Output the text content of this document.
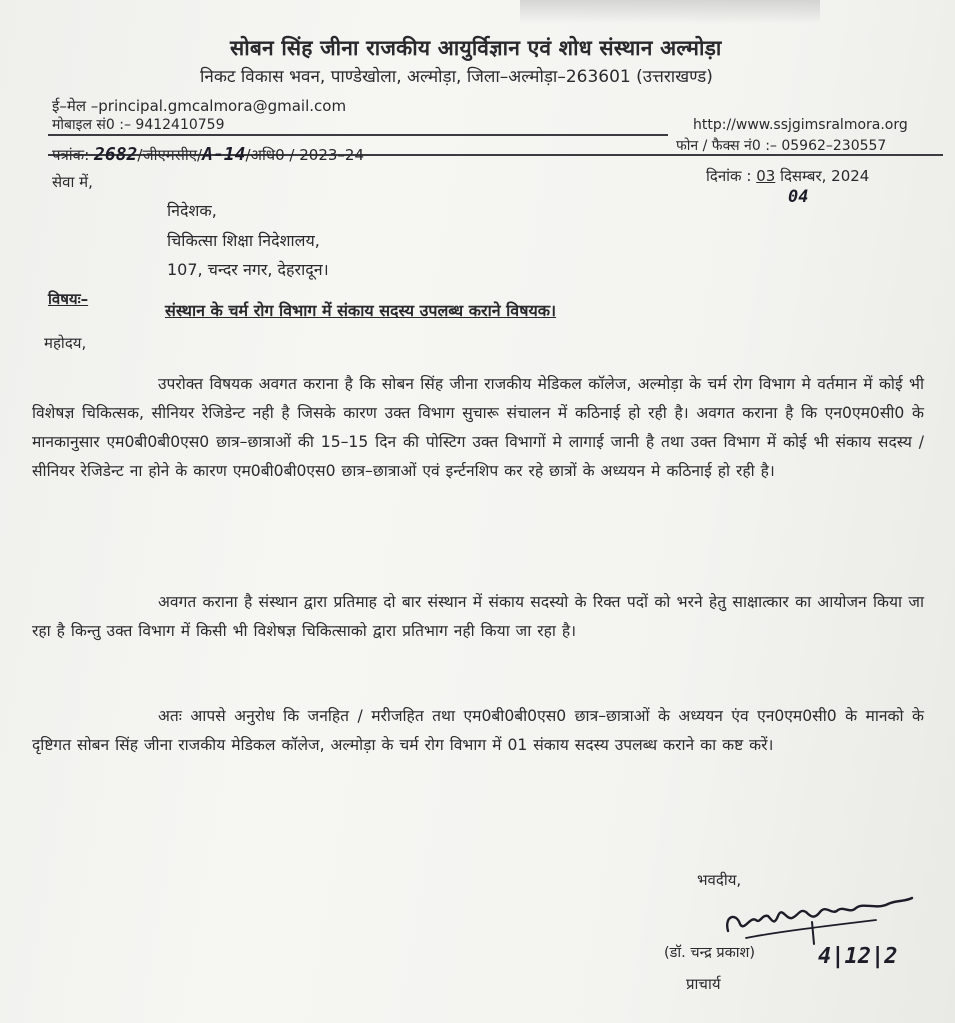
सोबन सिंह जीना राजकीय आयुर्विज्ञान एवं शोध संस्थान अल्मोड़ा
निकट विकास भवन, पाण्डेखोला, अल्मोड़ा, जिला–अल्मोड़ा–263601 (उत्तराखण्ड)
ई–मेल –principal.gmcalmora@gmail.com
मोबाइल सं0 :– 9412410759	http://www.ssjgimsralmora.org
फोन / फैक्स नं0 :– 05962–230557
पत्रांक: 2682/जीएमसीए/A-14/अधि0 / 2023–24
दिनांक : 03 दिसम्बर, 2024
04
सेवा में,
निदेशक,
चिकित्सा शिक्षा निदेशालय,
107, चन्दर नगर, देहरादून।
विषयः–
संस्थान के चर्म रोग विभाग में संकाय सदस्य उपलब्ध कराने विषयक।
महोदय,
उपरोक्त विषयक अवगत कराना है कि सोबन सिंह जीना राजकीय मेडिकल कॉलेज, अल्मोड़ा के चर्म रोग विभाग मे वर्तमान में कोई भी विशेषज्ञ चिकित्सक, सीनियर रेजिडेन्ट नही है जिसके कारण उक्त विभाग सुचारू संचालन में कठिनाई हो रही है। अवगत कराना है कि एन0एम0सी0 के मानकानुसार एम0बी0बी0एस0 छात्र–छात्राओं की 15–15 दिन की पोस्टिग उक्त विभागों मे लागाई जानी है तथा उक्त विभाग में कोई भी संकाय सदस्य / सीनियर रेजिडेन्ट ना होने के कारण एम0बी0बी0एस0 छात्र–छात्राओं एवं इर्न्टनशिप कर रहे छात्रों के अध्ययन मे कठिनाई हो रही है।
अवगत कराना है संस्थान द्वारा प्रतिमाह दो बार संस्थान में संकाय सदस्यो के रिक्त पदों को भरने हेतु साक्षात्कार का आयोजन किया जा रहा है किन्तु उक्त विभाग में किसी भी विशेषज्ञ चिकित्साको द्वारा प्रतिभाग नही किया जा रहा है।
अतः आपसे अनुरोध कि जनहित / मरीजहित तथा एम0बी0बी0एस0 छात्र–छात्राओं के अध्ययन एंव एन0एम0सी0 के मानको के दृष्टिगत सोबन सिंह जीना राजकीय मेडिकल कॉलेज, अल्मोड़ा के चर्म रोग विभाग में 01 संकाय सदस्य उपलब्ध कराने का कष्ट करें।
भवदीय,
(डॉ. चन्द्र प्रकाश)	4|12|2
प्राचार्य
